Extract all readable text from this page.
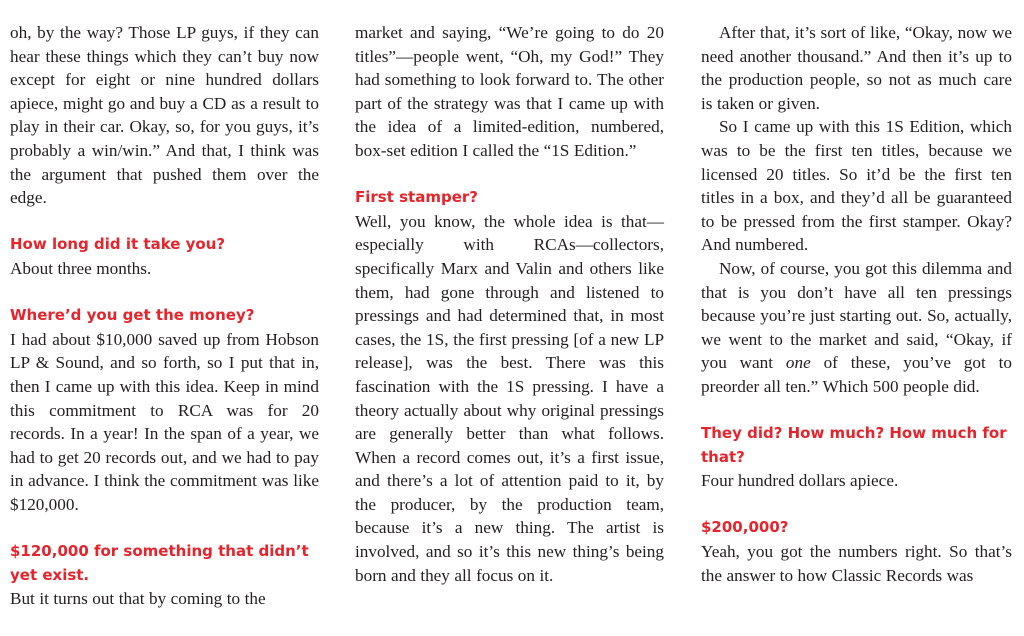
oh, by the way? Those LP guys, if they can hear these things which they can’t buy now except for eight or nine hundred dollars apiece, might go and buy a CD as a result to play in their car. Okay, so, for you guys, it’s probably a win/win.” And that, I think was the argument that pushed them over the edge.

How long did it take you?

About three months.

Where’d you get the money?

I had about $10,000 saved up from Hobson LP & Sound, and so forth, so I put that in, then I came up with this idea. Keep in mind this commitment to RCA was for 20 records. In a year! In the span of a year, we had to get 20 records out, and we had to pay in advance. I think the commitment was like $120,000.

$120,000 for something that didn’t yet exist.

But it turns out that by coming to the

market and saying, “We’re going to do 20 titles”—people went, “Oh, my God!” They had something to look forward to. The other part of the strategy was that I came up with the idea of a limited-edition, numbered, box-set edition I called the “1S Edition.”

First stamper?

Well, you know, the whole idea is that—especially with RCAs—collectors, specifically Marx and Valin and others like them, had gone through and listened to pressings and had determined that, in most cases, the 1S, the first pressing [of a new LP release], was the best. There was this fascination with the 1S pressing. I have a theory actually about why original pressings are generally better than what follows. When a record comes out, it’s a first issue, and there’s a lot of attention paid to it, by the producer, by the production team, because it’s a new thing. The artist is involved, and so it’s this new thing’s being born and they all focus on it.

After that, it’s sort of like, “Okay, now we need another thousand.” And then it’s up to the production people, so not as much care is taken or given.

So I came up with this 1S Edition, which was to be the first ten titles, because we licensed 20 titles. So it’d be the first ten titles in a box, and they’d all be guaranteed to be pressed from the first stamper. Okay? And numbered.

Now, of course, you got this dilemma and that is you don’t have all ten pressings because you’re just starting out. So, actually, we went to the market and said, “Okay, if you want one of these, you’ve got to preorder all ten.” Which 500 people did.

They did? How much? How much for that?

Four hundred dollars apiece.

$200,000?

Yeah, you got the numbers right. So that’s the answer to how Classic Records was
